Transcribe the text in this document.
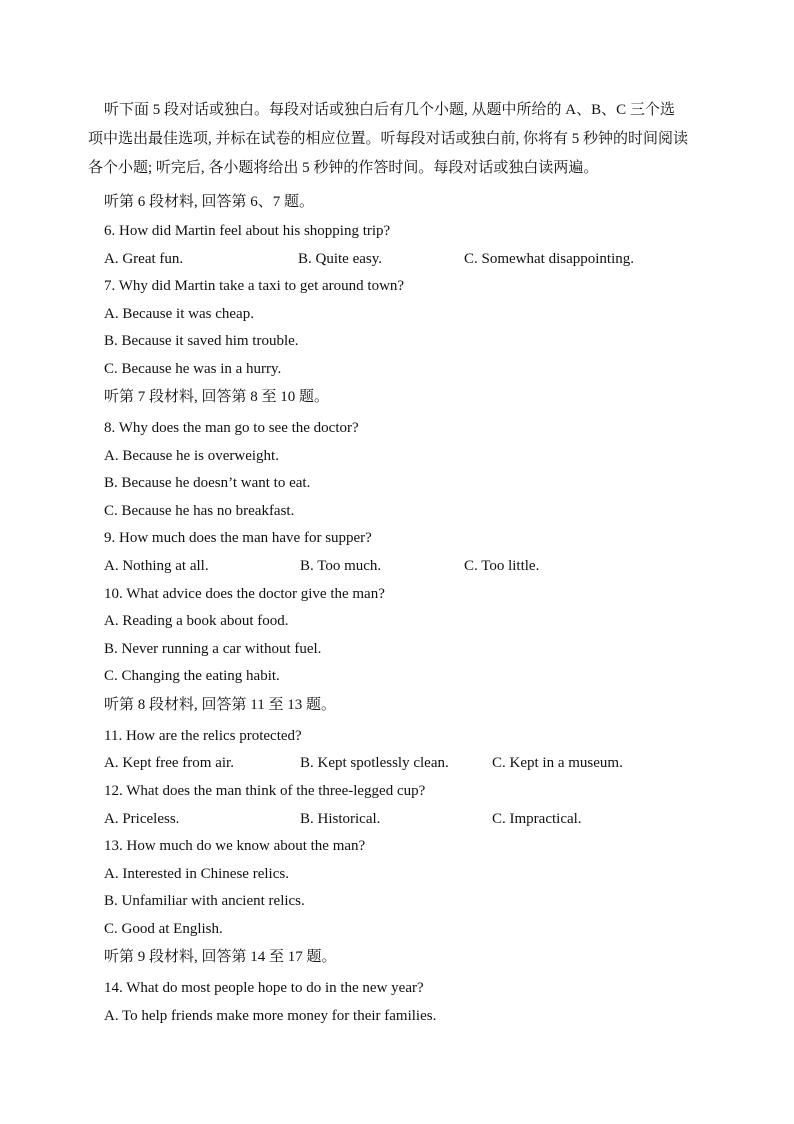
听下面 5 段对话或独白。每段对话或独白后有几个小题, 从题中所给的 A、B、C 三个选

项中选出最佳选项, 并标在试卷的相应位置。听每段对话或独白前, 你将有 5 秒钟的时间阅读

各个小题; 听完后, 各小题将给出 5 秒钟的作答时间。每段对话或独白读两遍。

听第 6 段材料, 回答第 6、7 题。
6. How did Martin feel about his shopping trip?
A. Great fun.	B. Quite easy.	C. Somewhat disappointing.
7. Why did Martin take a taxi to get around town?
A. Because it was cheap.
B. Because it saved him trouble.
C. Because he was in a hurry.
听第 7 段材料, 回答第 8 至 10 题。
8. Why does the man go to see the doctor?
A. Because he is overweight.
B. Because he doesn’t want to eat.
C. Because he has no breakfast.
9. How much does the man have for supper?
A. Nothing at all.	B. Too much.	C. Too little.
10. What advice does the doctor give the man?
A. Reading a book about food.
B. Never running a car without fuel.
C. Changing the eating habit.
听第 8 段材料, 回答第 11 至 13 题。
11. How are the relics protected?
A. Kept free from air.	B. Kept spotlessly clean.	C. Kept in a museum.
12. What does the man think of the three-legged cup?
A. Priceless.	B. Historical.	C. Impractical.
13. How much do we know about the man?
A. Interested in Chinese relics.
B. Unfamiliar with ancient relics.
C. Good at English.
听第 9 段材料, 回答第 14 至 17 题。
14. What do most people hope to do in the new year?
A. To help friends make more money for their families.
